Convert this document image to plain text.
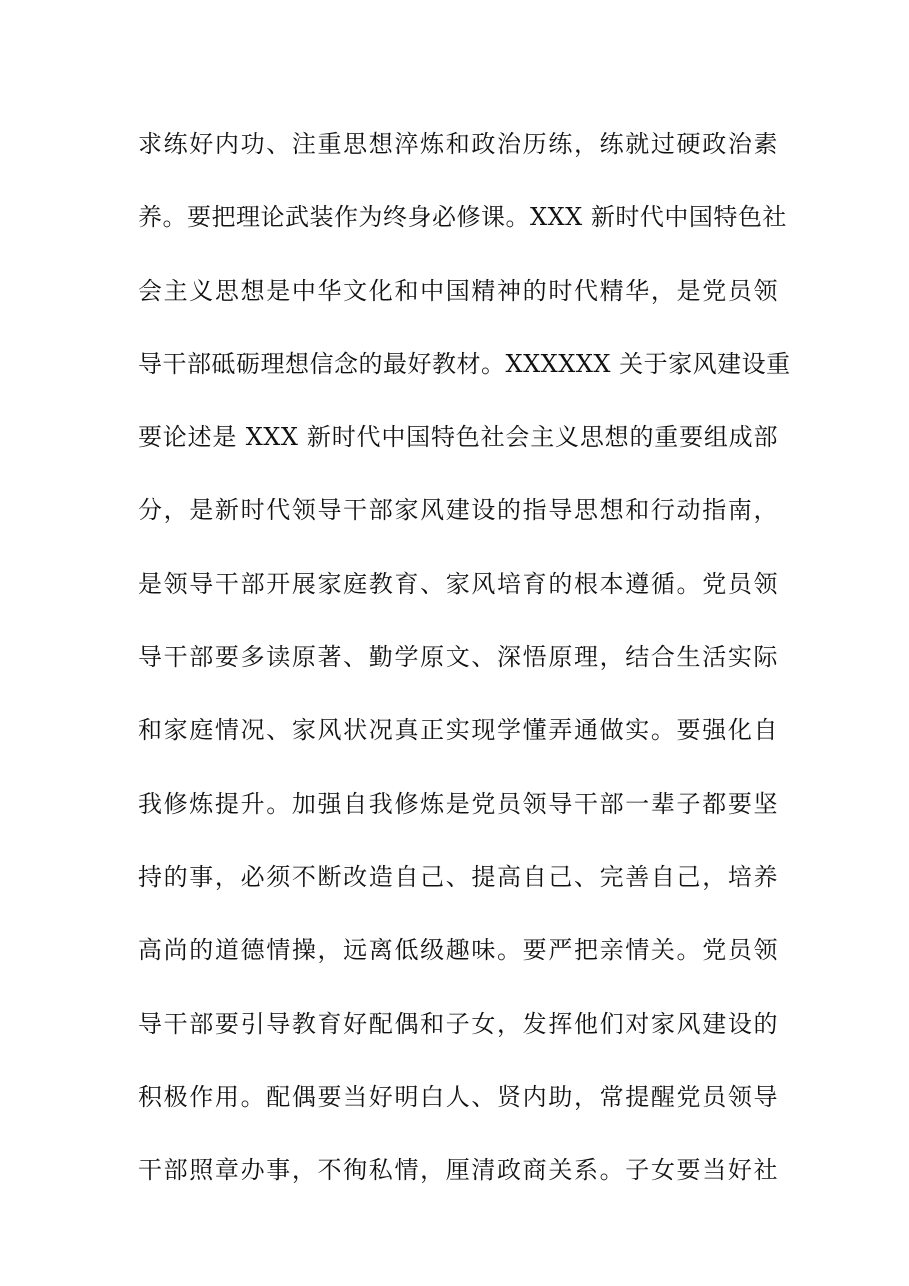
求练好内功、注重思想淬炼和政治历练，练就过硬政治素
养。要把理论武装作为终身必修课。XXX 新时代中国特色社
会主义思想是中华文化和中国精神的时代精华，是党员领
导干部砥砺理想信念的最好教材。XXXXXX 关于家风建设重
要论述是 XXX 新时代中国特色社会主义思想的重要组成部
分，是新时代领导干部家风建设的指导思想和行动指南，
是领导干部开展家庭教育、家风培育的根本遵循。党员领
导干部要多读原著、勤学原文、深悟原理，结合生活实际
和家庭情况、家风状况真正实现学懂弄通做实。要强化自
我修炼提升。加强自我修炼是党员领导干部一辈子都要坚
持的事，必须不断改造自己、提高自己、完善自己，培养
高尚的道德情操，远离低级趣味。要严把亲情关。党员领
导干部要引导教育好配偶和子女，发挥他们对家风建设的
积极作用。配偶要当好明白人、贤内助，常提醒党员领导
干部照章办事，不徇私情，厘清政商关系。子女要当好社
